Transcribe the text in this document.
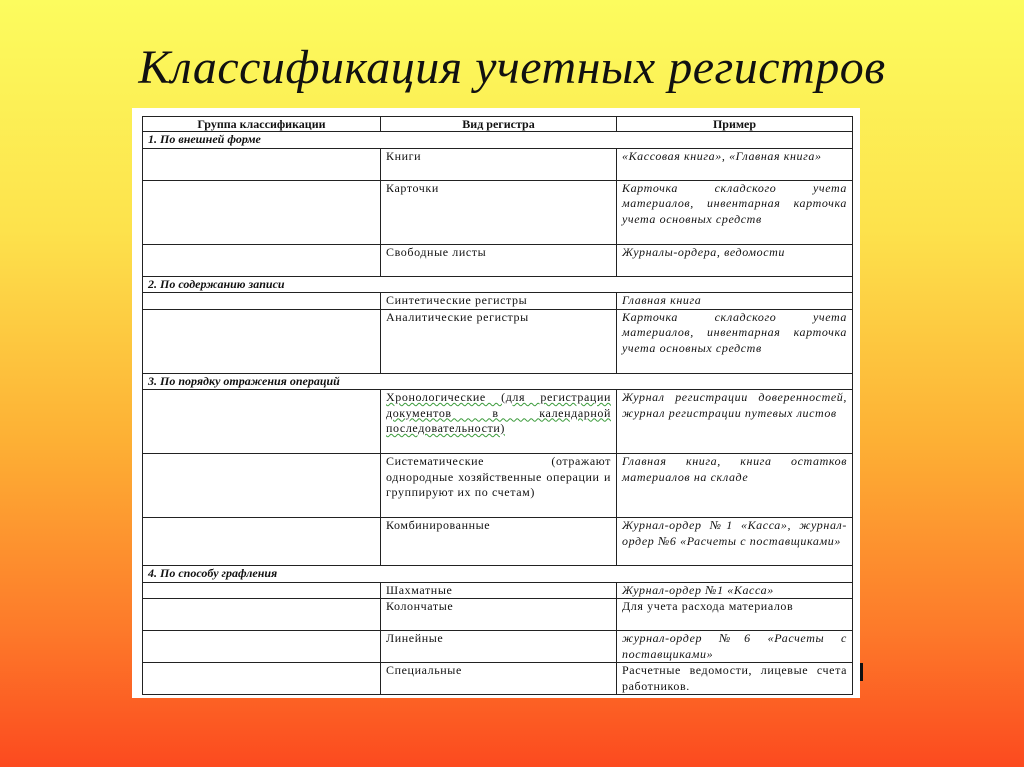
Классификация учетных регистров
Группа классификации	Вид регистра	Пример
1. По внешней форме		
	Книги	«Кассовая книга», «Главная книга»
	Карточки	Карточка складского учета материалов, инвентарная карточка учета основных средств
	Свободные листы	Журналы-ордера, ведомости
2. По содержанию записи		
	Синтетические регистры	Главная книга
	Аналитические регистры	Карточка складского учета материалов, инвентарная карточка учета основных средств
3. По порядку отражения операций		
	Хронологические (для регистрации документов в календарной последовательности)	Журнал регистрации доверенностей, журнал регистрации путевых листов
	Систематические (отражают однородные хозяйственные операции и группируют их по счетам)	Главная книга, книга остатков материалов на складе
	Комбинированные	Журнал-ордер №1 «Касса», журнал-ордер №6 «Расчеты с поставщиками»
4. По способу графления		
	Шахматные	Журнал-ордер №1 «Касса»
	Колончатые	Для учета расхода материалов
	Линейные	журнал-ордер №6 «Расчеты с поставщиками»
	Специальные	Расчетные ведомости, лицевые счета работников.
